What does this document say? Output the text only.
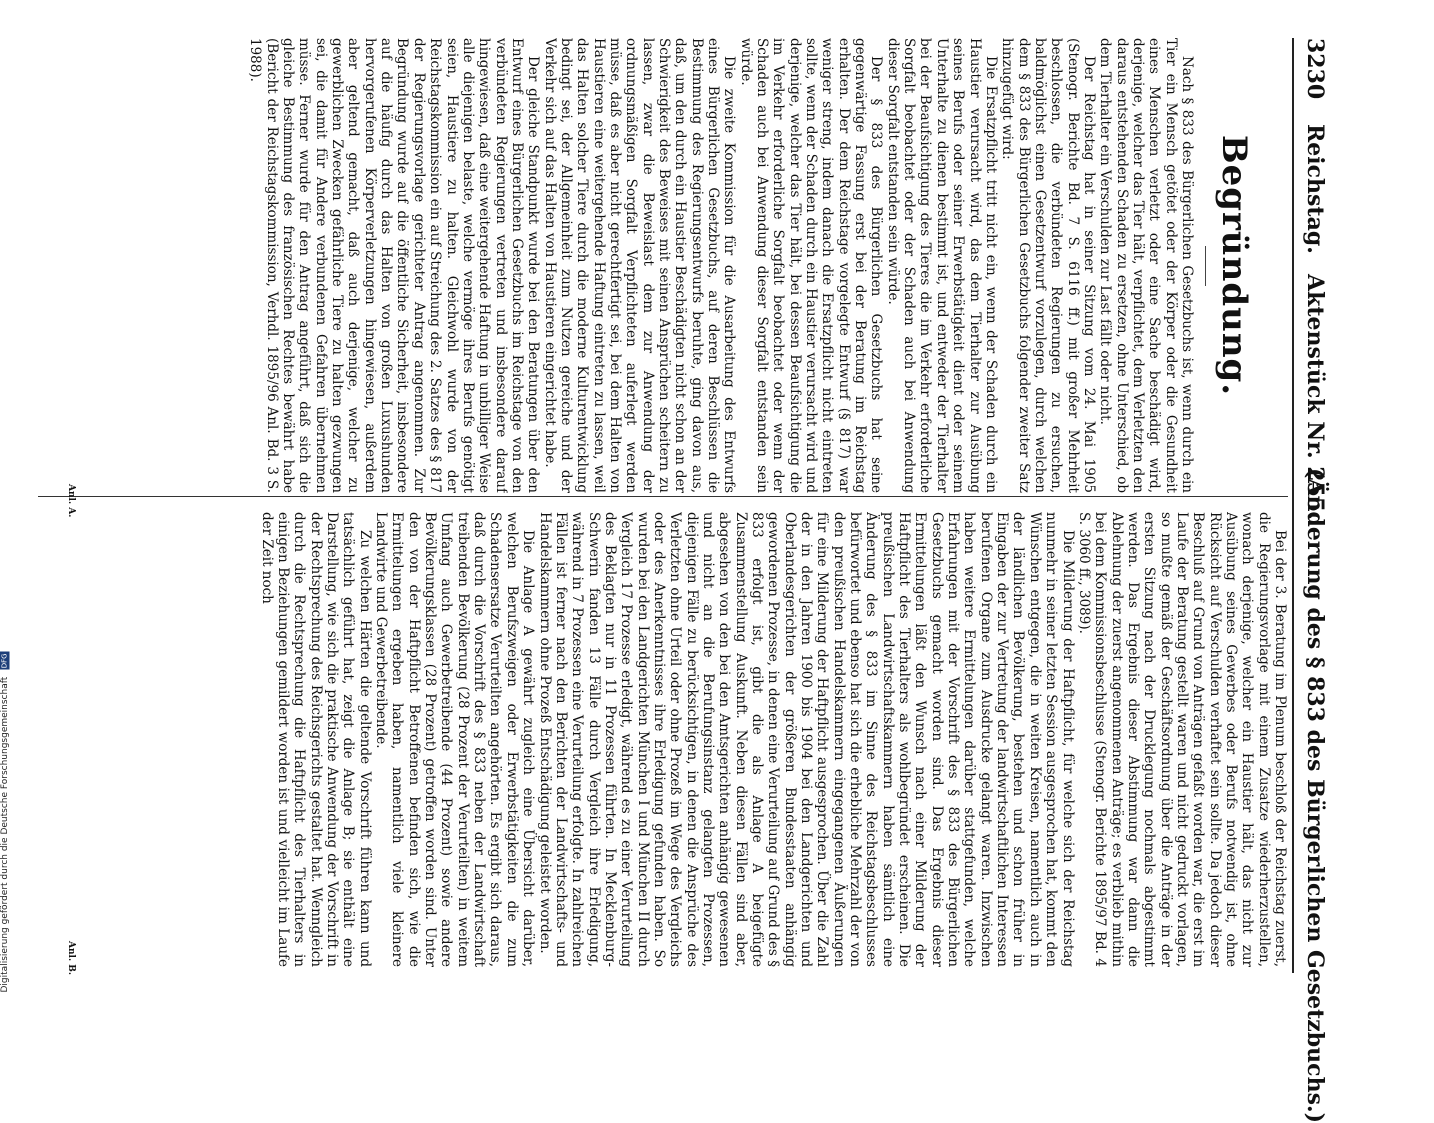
3230
Reichstag.
Aktenstück Nr. 255.
(Änderung des § 833 des Bürgerlichen Gesetzbuchs.)
Begründung.

Nach § 833 des Bürgerlichen Gesetzbuchs ist, wenn durch ein Tier ein Mensch getötet oder der Körper oder die Gesundheit eines Menschen verletzt oder eine Sache beschädigt wird, derjenige, welcher das Tier hält, verpflichtet, dem Verletzten den daraus entstehenden Schaden zu ersetzen, ohne Unterschied, ob dem Tierhalter ein Verschulden zur Last fällt oder nicht.

Der Reichstag hat in seiner Sitzung vom 24. Mai 1905 (Stenogr. Berichte Bd. 7 S. 6116 ff.) mit großer Mehrheit beschlossen, die verbündeten Regierungen zu ersuchen, baldmöglichst einen Gesetzentwurf vorzulegen, durch welchen dem § 833 des Bürgerlichen Gesetzbuchs folgender zweiter Satz hinzugefügt wird:

Die Ersatzpflicht tritt nicht ein, wenn der Schaden durch ein Haustier verursacht wird, das dem Tierhalter zur Ausübung seines Berufs oder seiner Erwerbstätigkeit dient oder seinem Unterhalte zu dienen bestimmt ist, und entweder der Tierhalter bei der Beaufsichtigung des Tieres die im Verkehr erforderliche Sorgfalt beobachtet oder der Schaden auch bei Anwendung dieser Sorgfalt entstanden sein würde.

Der § 833 des Bürgerlichen Gesetzbuchs hat seine gegenwärtige Fassung erst bei der Beratung im Reichstag erhalten. Der dem Reichstage vorgelegte Entwurf (§ 817) war weniger streng, indem danach die Ersatzpflicht nicht eintreten sollte, wenn der Schaden durch ein Haustier verursacht wird und derjenige, welcher das Tier hält, bei dessen Beaufsichtigung die im Verkehr erforderliche Sorgfalt beobachtet oder wenn der Schaden auch bei Anwendung dieser Sorgfalt entstanden sein würde.

Die zweite Kommission für die Ausarbeitung des Entwurfs eines Bürgerlichen Gesetzbuchs, auf deren Beschlüssen die Bestimmung des Regierungsentwurfs beruhte, ging davon aus, daß, um den durch ein Haustier Beschädigten nicht schon an der Schwierigkeit des Beweises mit seinen Ansprüchen scheitern zu lassen, zwar die Beweislast dem zur Anwendung der ordnungsmäßigen Sorgfalt Verpflichteten auferlegt werden müsse, daß es aber nicht gerechtfertigt sei, bei dem Halten von Haustieren eine weitergehende Haftung eintreten zu lassen, weil das Halten solcher Tiere durch die moderne Kulturentwicklung bedingt sei, der Allgemeinheit zum Nutzen gereiche und der Verkehr sich auf das Halten von Haustieren eingerichtet habe.

Der gleiche Standpunkt wurde bei den Beratungen über den Entwurf eines Bürgerlichen Gesetzbuchs im Reichstage von den verbündeten Regierungen vertreten und insbesondere darauf hingewiesen, daß eine weitergehende Haftung in unbilliger Weise alle diejenigen belaste, welche vermöge ihres Berufs genötigt seien, Haustiere zu halten. Gleichwohl wurde von der Reichstagskommission ein auf Streichung des 2. Satzes des § 817 der Regierungsvorlage gerichteter Antrag angenommen. Zur Begründung wurde auf die öffentliche Sicherheit, insbesondere auf die häufig durch das Halten von großen Luxushunden hervorgerufenen Körperverletzungen hingewiesen, außerdem aber geltend gemacht, daß auch derjenige, welcher zu gewerblichen Zwecken gefährliche Tiere zu halten gezwungen sei, die damit für Andere verbundenen Gefahren übernehmen müsse. Ferner wurde für den Antrag angeführt, daß sich die gleiche Bestimmung des französischen Rechtes bewährt habe (Bericht der Reichstagskommission, Verhdl. 1895/96 Anl. Bd. 3 S. 1988).

Bei der 3. Beratung im Plenum beschloß der Reichstag zuerst, die Regierungsvorlage mit einem Zusatze wiederherzustellen, wonach derjenige, welcher ein Haustier hält, das nicht zur Ausübung seines Gewerbes oder Berufs notwendig ist, ohne Rücksicht auf Verschulden verhaftet sein sollte. Da jedoch dieser Beschluß auf Grund von Anträgen gefaßt worden war, die erst im Laufe der Beratung gestellt waren und nicht gedruckt vorlagen, so mußte gemäß der Geschäftsordnung über die Anträge in der ersten Sitzung nach der Drucklegung nochmals abgestimmt werden. Das Ergebnis dieser Abstimmung war dann die Ablehnung der zuerst angenommenen Anträge; es verblieb mithin bei dem Kommissionsbeschlusse (Stenogr. Berichte 1895/97 Bd. 4 S. 3060 ff., 3089).

Die Milderung der Haftpflicht, für welche sich der Reichstag nunmehr in seiner letzten Session ausgesprochen hat, kommt den Wünschen entgegen, die in weiten Kreisen, namentlich auch in der ländlichen Bevölkerung, bestehen und schon früher in Eingaben der zur Vertretung der landwirtschaftlichen Interessen berufenen Organe zum Ausdrucke gelangt waren. Inzwischen haben weitere Ermittelungen darüber stattgefunden, welche Erfahrungen mit der Vorschrift des § 833 des Bürgerlichen Gesetzbuchs gemacht worden sind. Das Ergebnis dieser Ermittelungen läßt den Wunsch nach einer Milderung der Haftpflicht des Tierhalters als wohlbegründet erscheinen. Die preußischen Landwirtschaftskammern haben sämtlich eine Änderung des § 833 im Sinne des Reichstagsbeschlusses befürwortet und ebenso hat sich die erhebliche Mehrzahl der von den preußischen Handelskammern eingegangenen Äußerungen für eine Milderung der Haftpflicht ausgesprochen. Über die Zahl der in den Jahren 1900 bis 1904 bei den Landgerichten und Oberlandesgerichten der größeren Bundesstaaten anhängig gewordenen Prozesse, in denen eine Verurteilung auf Grund des § 833 erfolgt ist, gibt die als Anlage A beigefügte Zusammenstellung Auskunft. Neben diesen Fällen sind aber, abgesehen von den bei den Amtsgerichten anhängig gewesenen und nicht an die Berufungsinstanz gelangten Prozessen, diejenigen Fälle zu berücksichtigen, in denen die Ansprüche des Verletzten ohne Urteil oder ohne Prozeß im Wege des Vergleichs oder des Anerkenntnisses ihre Erledigung gefunden haben. So wurden bei den Landgerichten München I und München II durch Vergleich 17 Prozesse erledigt, während es zu einer Verurteilung des Beklagten nur in 11 Prozessen führten. In Mecklenburg-Schwerin fanden 13 Fälle durch Vergleich ihre Erledigung, während in 7 Prozessen eine Verurteilung erfolgte. In zahlreichen Fällen ist ferner nach den Berichten der Landwirtschafts- und Handelskammern ohne Prozeß Entschädigung geleistet worden.

Die Anlage A gewährt zugleich eine Übersicht darüber, welchen Berufszweigen oder Erwerbstätigkeiten die zum Schadensersatze Verurteilten angehörten. Es ergibt sich daraus, daß durch die Vorschrift des § 833 neben der Landwirtschaft treibenden Bevölkerung (28 Prozent der Verurteilten) in weitem Umfang auch Gewerbetreibende (44 Prozent) sowie andere Bevölkerungsklassen (28 Prozent) getroffen worden sind. Unter den von der Haftpflicht Betroffenen befinden sich, wie die Ermittelungen ergeben haben, namentlich viele kleinere Landwirte und Gewerbetreibende.

Zu welchen Härten die geltende Vorschrift führen kann und tatsächlich geführt hat, zeigt die Anlage B; sie enthält eine Darstellung, wie sich die praktische Anwendung der Vorschrift in der Rechtsprechung des Reichsgerichts gestaltet hat. Wenngleich durch die Rechtsprechung die Haftpflicht des Tierhalters in einigen Beziehungen gemildert worden ist und vielleicht im Laufe der Zeit noch

Anl. A.
Anl. B.
Digitalisierung gefördert durch die Deutsche Forschungsgemeinschaft DFG
